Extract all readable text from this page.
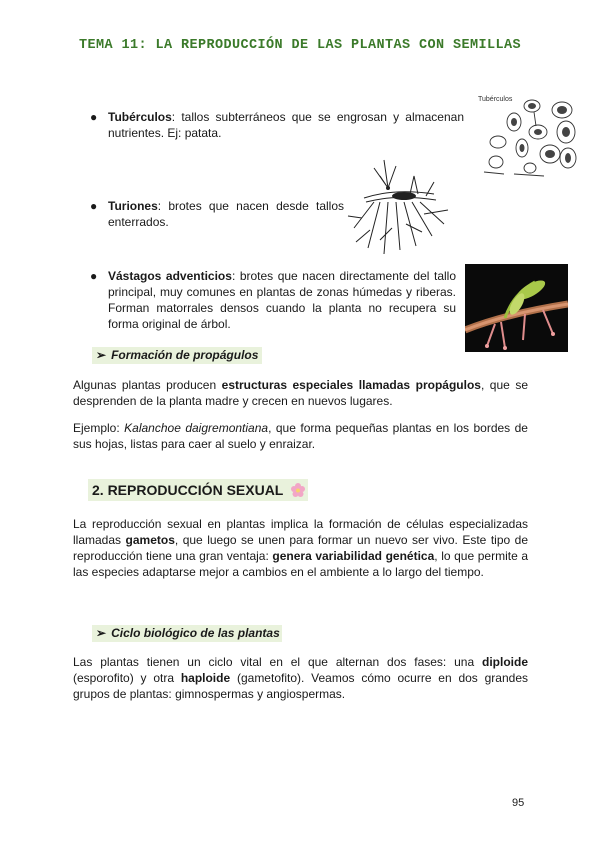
TEMA 11: LA REPRODUCCIÓN DE LAS PLANTAS CON SEMILLAS
● Tubérculos: tallos subterráneos que se engrosan y almacenan nutrientes. Ej: patata.
Tubérculos
● Turiones: brotes que nacen desde tallos enterrados.
● Vástagos adventicios: brotes que nacen directamente del tallo principal, muy comunes en plantas de zonas húmedas y riberas. Forman matorrales densos cuando la planta no recupera su forma original de árbol.
➢ Formación de propágulos
Algunas plantas producen estructuras especiales llamadas propágulos, que se desprenden de la planta madre y crecen en nuevos lugares.
Ejemplo: Kalanchoe daigremontiana, que forma pequeñas plantas en los bordes de sus hojas, listas para caer al suelo y enraizar.
2. REPRODUCCIÓN SEXUAL
La reproducción sexual en plantas implica la formación de células especializadas llamadas gametos, que luego se unen para formar un nuevo ser vivo. Este tipo de reproducción tiene una gran ventaja: genera variabilidad genética, lo que permite a las especies adaptarse mejor a cambios en el ambiente a lo largo del tiempo.
➢ Ciclo biológico de las plantas
Las plantas tienen un ciclo vital en el que alternan dos fases: una diploide (esporofito) y otra haploide (gametofito). Veamos cómo ocurre en dos grandes grupos de plantas: gimnospermas y angiospermas.
95
